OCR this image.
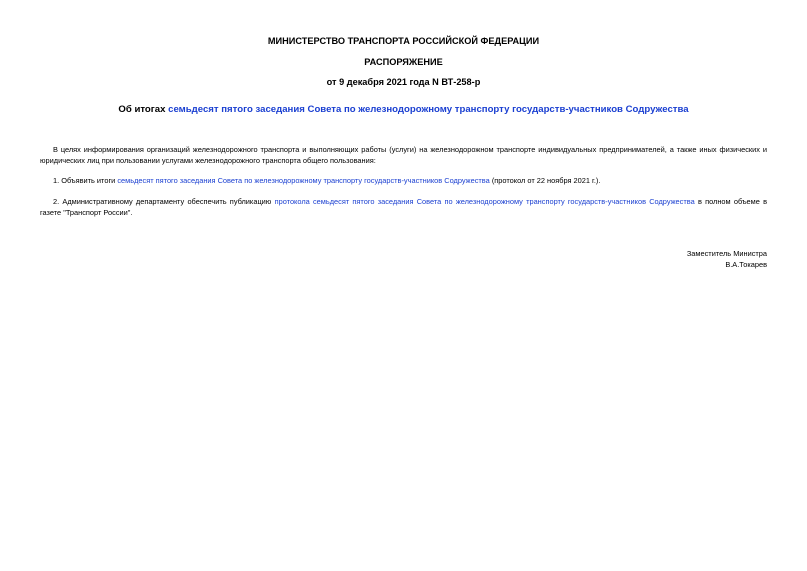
МИНИСТЕРСТВО ТРАНСПОРТА РОССИЙСКОЙ ФЕДЕРАЦИИ
РАСПОРЯЖЕНИЕ
от 9 декабря 2021 года N ВТ-258-р
Об итогах семьдесят пятого заседания Совета по железнодорожному транспорту государств-участников Содружества
В целях информирования организаций железнодорожного транспорта и выполняющих работы (услуги) на железнодорожном транспорте индивидуальных предпринимателей, а также иных физических и юридических лиц при пользовании услугами железнодорожного транспорта общего пользования:
1. Объявить итоги семьдесят пятого заседания Совета по железнодорожному транспорту государств-участников Содружества (протокол от 22 ноября 2021 г.).
2. Административному департаменту обеспечить публикацию протокола семьдесят пятого заседания Совета по железнодорожному транспорту государств-участников Содружества в полном объеме в газете "Транспорт России".
Заместитель Министра
В.А.Токарев
